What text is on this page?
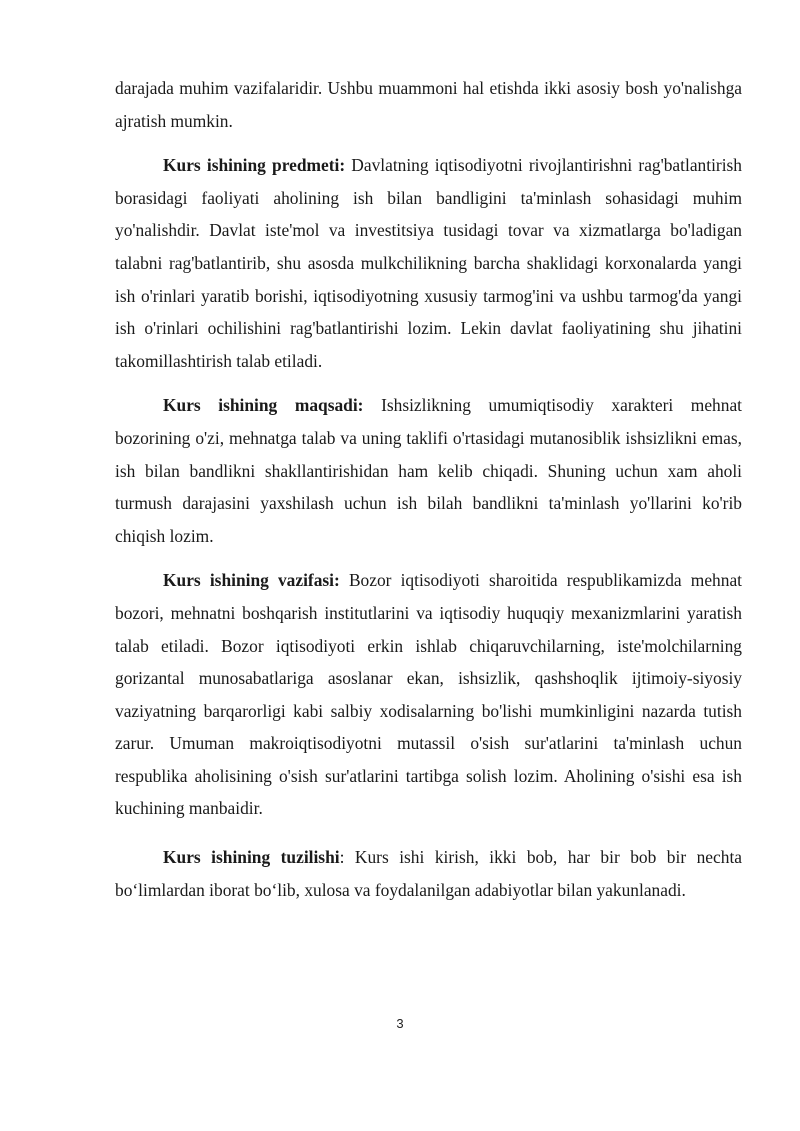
darajada muhim vazifalaridir. Ushbu muammoni hal etishda ikki asosiy bosh yo'nalishga ajratish mumkin.

Kurs ishining predmeti: Davlatning iqtisodiyotni rivojlantirishni rag'batlantirish borasidagi faoliyati aholining ish bilan bandligini ta'minlash sohasidagi muhim yo'nalishdir. Davlat iste'mol va investitsiya tusidagi tovar va xizmatlarga bo'ladigan talabni rag'batlantirib, shu asosda mulkchilikning barcha shaklidagi korxonalarda yangi ish o'rinlari yaratib borishi, iqtisodiyotning xususiy tarmog'ini va ushbu tarmog'da yangi ish o'rinlari ochilishini rag'batlantirishi lozim. Lekin davlat faoliyatining shu jihatini takomillashtirish talab etiladi.

Kurs ishining maqsadi: Ishsizlikning umumiqtisodiy xarakteri mehnat bozorining o'zi, mehnatga talab va uning taklifi o'rtasidagi mutanosiblik ishsizlikni emas, ish bilan bandlikni shakllantirishidan ham kelib chiqadi. Shuning uchun xam aholi turmush darajasini yaxshilash uchun ish bilah bandlikni ta'minlash yo'llarini ko'rib chiqish lozim.

Kurs ishining vazifasi: Bozor iqtisodiyoti sharoitida respublikamizda mehnat bozori, mehnatni boshqarish institutlarini va iqtisodiy huquqiy mexanizmlarini yaratish talab etiladi. Bozor iqtisodiyoti erkin ishlab chiqaruvchilarning, iste'molchilarning gorizantal munosabatlariga asoslanar ekan, ishsizlik, qashshoqlik ijtimoiy-siyosiy vaziyatning barqarorligi kabi salbiy xodisalarning bo'lishi mumkinligini nazarda tutish zarur. Umuman makroiqtisodiyotni mutassil o'sish sur'atlarini ta'minlash uchun respublika aholisining o'sish sur'atlarini tartibga solish lozim. Aholining o'sishi esa ish kuchining manbaidir.

Kurs ishining tuzilishi: Kurs ishi kirish, ikki bob, har bir bob bir nechta bo‘limlardan iborat bo‘lib, xulosa va foydalanilgan adabiyotlar bilan yakunlanadi.

3
